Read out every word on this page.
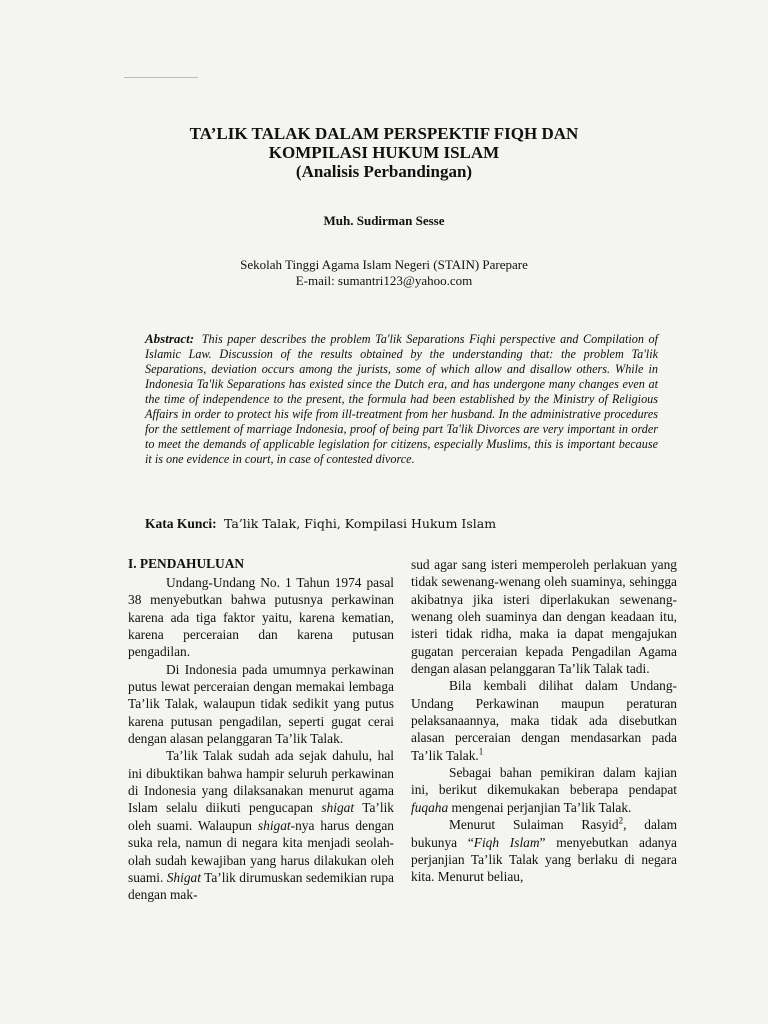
TA’LIK TALAK DALAM PERSPEKTIF FIQH DAN
KOMPILASI HUKUM ISLAM
(Analisis Perbandingan)
Muh. Sudirman Sesse
Sekolah Tinggi Agama Islam Negeri (STAIN) Parepare
E-mail: sumantri123@yahoo.com
Abstract: This paper describes the problem Ta'lik Separations Fiqhi perspective and Compilation of Islamic Law. Discussion of the results obtained by the understanding that: the problem Ta'lik Separations, deviation occurs among the jurists, some of which allow and disallow others. While in Indonesia Ta'lik Separations has existed since the Dutch era, and has undergone many changes even at the time of independence to the present, the formula had been established by the Ministry of Religious Affairs in order to protect his wife from ill-treatment from her husband. In the administrative procedures for the settlement of marriage Indonesia, proof of being part Ta'lik Divorces are very important in order to meet the demands of applicable legislation for citizens, especially Muslims, this is important because it is one evidence in court, in case of contested divorce.
Kata Kunci: Ta’lik Talak, Fiqhi, Kompilasi Hukum Islam
I. PENDAHULUAN

Undang-Undang No. 1 Tahun 1974 pasal 38 menyebutkan bahwa putusnya perkawinan karena ada tiga faktor yaitu, karena kematian, karena perceraian dan karena putusan pengadilan.

Di Indonesia pada umumnya perkawinan putus lewat perceraian dengan memakai lembaga Ta’lik Talak, walaupun tidak sedikit yang putus karena putusan pengadilan, seperti gugat cerai dengan alasan pelanggaran Ta’lik Talak.

Ta’lik Talak sudah ada sejak dahulu, hal ini dibuktikan bahwa hampir seluruh perkawinan di Indonesia yang dilaksanakan menurut agama Islam selalu diikuti pengucapan shigat Ta’lik oleh suami. Walaupun shigat-nya harus dengan suka rela, namun di negara kita menjadi seolah-olah sudah kewajiban yang harus dilakukan oleh suami. Shigat Ta’lik dirumuskan sedemikian rupa dengan mak-

sud agar sang isteri memperoleh perlakuan yang tidak sewenang-wenang oleh suaminya, sehingga akibatnya jika isteri diperlakukan sewenang-wenang oleh suaminya dan dengan keadaan itu, isteri tidak ridha, maka ia dapat mengajukan gugatan perceraian kepada Pengadilan Agama dengan alasan pelanggaran Ta’lik Talak tadi.

Bila kembali dilihat dalam Undang-Undang Perkawinan maupun peraturan pelaksanaannya, maka tidak ada disebutkan alasan perceraian dengan mendasarkan pada Ta’lik Talak.$^1$

Sebagai bahan pemikiran dalam kajian ini, berikut dikemukakan beberapa pendapat fuqaha mengenai perjanjian Ta’lik Talak.

Menurut Sulaiman Rasyid$^2$, dalam bukunya “Fiqh Islam” menyebutkan adanya perjanjian Ta’lik Talak yang berlaku di negara kita. Menurut beliau,
